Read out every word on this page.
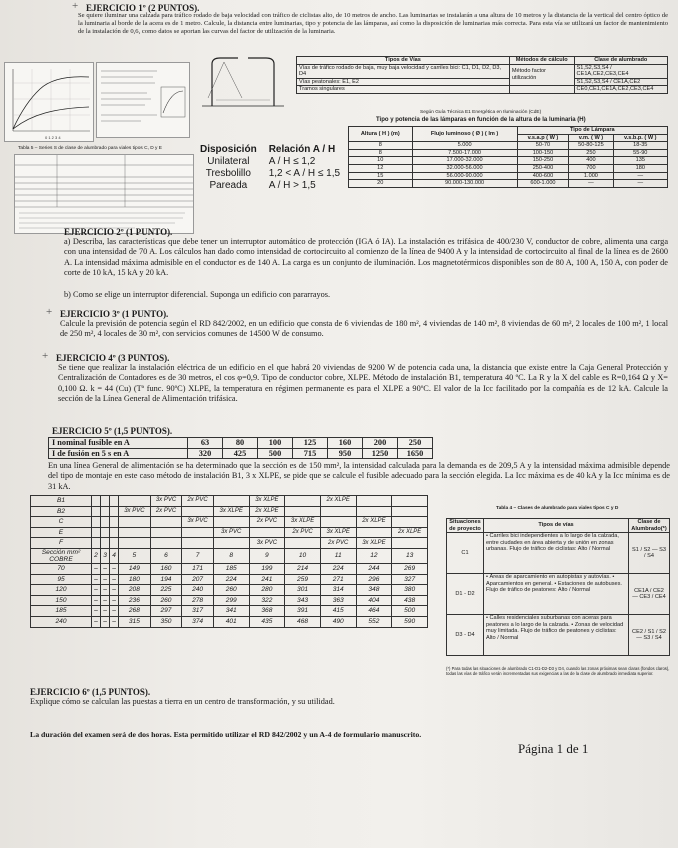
+ EJERCICIO 1º (2 PUNTOS).
Se quiere iluminar una calzada para tráfico rodado de baja velocidad con tráfico de ciclistas alto, de 10 metros de ancho. Las luminarias se instalarán a una altura de 10 metros y la distancia de la vertical del centro óptico de la luminaria al borde de la acera es de 1 metro. Calcule, la distancia entre luminarias, tipo y potencia de las lámparas, así como la disposición de luminarias más correcta. Para esta vía se utilizará un factor de mantenimiento de la instalación de 0,6, como datos se aportan las curvas del factor de utilización de la luminaria.
0 1 2 3 4
Tipos de Vías	Métodos de cálculo	Clase de alumbrado
Vías de tráfico rodado de baja, muy baja velocidad y carriles bici: C1, D1, D2, D3, D4	Método factor utilización	S1,S2,S3,S4 / CE1A,CE2,CE3,CE4
Vías peatonales: E1, E2		S1,S2,S3,S4 / CE1A,CE2
Tramos singulares		CE0,CE1,CE1A,CE2,CE3,CE4
Tabla 5 – Series S de clase de alumbrado para viales tipos C, D y E	Disposición	Relación A / H
Unilateral	A / H ≤ 1,2
Tresbolillo	1,2 < A / H ≤ 1,5
Pareada	A / H > 1,5
Según Guía Técnica E1 Energética en Iluminación (CdE)
Tipo y potencia de las lámparas en función de la altura de la luminaria (H)
Altura ( H ) (m)	Flujo luminoso ( Ø ) ( lm )	Tipo de Lámpara		
		v.s.a.p ( W )	v.m. ( W )	v.s.b.p. ( W )
8	5.000	50-70	50-80-125	18-35
8	7.500-17.000	100-150	250	55-90
10	17.000-32.000	150-250	400	135
12	32.000-56.000	250-400	700	180
15	56.000-90.000	400-600	1.000	—
20	90.000-130.000	600-1.000	—	—
EJERCICIO 2º (1 PUNTO).
a) Describa, las características que debe tener un interruptor automático de protección (IGA ó IA). La instalación es trifásica de 400/230 V, conductor de cobre, alimenta una carga con una intensidad de 70 A. Los cálculos han dado como intensidad de cortocircuito al comienzo de la línea de 9400 A y la intensidad de cortocircuito al final de la línea es de 2600 A. La intensidad máxima admisible en el conductor es de 140 A. La carga es un conjunto de iluminación. Los magnetotérmicos disponibles son de 80 A, 100 A, 150 A, con poder de corte de 10 kA, 15 kA y 20 kA.
b) Como se elige un interruptor diferencial. Suponga un edificio con pararrayos.
+ EJERCICIO 3º (1 PUNTO).
Calcule la previsión de potencia según el RD 842/2002, en un edificio que consta de 6 viviendas de 180 m², 4 viviendas de 140 m², 8 viviendas de 60 m², 2 locales de 100 m², 1 local de 250 m², 4 locales de 30 m², con servicios comunes de 14500 W de consumo.
+ EJERCICIO 4º (3 PUNTOS).
Se tiene que realizar la instalación eléctrica de un edificio en el que habrá 20 viviendas de 9200 W de potencia cada una, la distancia que existe entre la Caja General Protección y Centralización de Contadores es de 30 metros, el cos φ=0,9. Tipo de conductor cobre, XLPE. Método de instalación B1, temperatura 40 ºC. La R y la X del cable es R=0,164 Ω y X= 0,100 Ω. k = 44 (Cu) (Tª func. 90ºC) XLPE, la temperatura en régimen permanente es para el XLPE a 90ºC. El valor de la Icc facilitado por la compañía es de 12 kA. Calcule la sección de la Línea General de Alimentación trifásica.
EJERCICIO 5º (1,5 PUNTOS).
I nominal fusible en A	63	80	100	125	160	200	250
I de fusión en 5 s en A	320	425	500	715	950	1250	1650
En una línea General de alimentación se ha determinado que la sección es de 150 mm², la intensidad calculada para la demanda es de 209,5 A y la intensidad máxima admisible depende del tipo de montaje en este caso método de instalación B1, 3 x XLPE, se pide que se calcule el fusible adecuado para la sección elegida. La Icc máxima es de 40 kA y la Icc mínima es de 31 kA.
B1					3x PVC	2x PVC		3x XLPE		2x XLPE		
B2				3x PVC	2x PVC		3x XLPE	2x XLPE				
C						3x PVC		2x PVC	3x XLPE		2x XLPE	
E							3x PVC		2x PVC	3x XLPE		2x XLPE
F								3x PVC		2x PVC	3x XLPE	
Sección mm²
COBRE	2	3	4	5	6	7	8	9	10	11	12	13
70	–	–	–	149	160	171	185	199	214	224	244	269
95	–	–	–	180	194	207	224	241	259	271	296	327
120	–	–	–	208	225	240	260	280	301	314	348	380
150	–	–	–	236	260	278	299	322	343	363	404	438
185	–	–	–	268	297	317	341	368	391	415	464	500
240	–	–	–	315	350	374	401	435	468	490	552	590
Tabla 4 – Clases de alumbrado para viales tipos C y D
Situaciones de proyecto	Tipos de vías	Clase de Alumbrado(*)
C1	• Carriles bici independientes a lo largo de la calzada, entre ciudades en área abierta y de unión en zonas urbanas. Flujo de tráfico de ciclistas: Alto / Normal	S1 / S2 — S3 / S4
D1 - D2	• Áreas de aparcamiento en autopistas y autovías. • Aparcamientos en general. • Estaciones de autobuses. Flujo de tráfico de peatones: Alto / Normal	CE1A / CE2 — CE3 / CE4
D3 - D4	• Calles residenciales suburbanas con aceras para peatones a lo largo de la calzada. • Zonas de velocidad muy limitada. Flujo de tráfico de peatones y ciclistas: Alto / Normal	CE2 / S1 / S2 — S3 / S4
(*) Para todas las situaciones de alumbrado C1-D1-D2-D3 y D4, cuando las zonas próximas sean claras (fondos claros), todas las vías de tráfico verán incrementadas sus exigencias a las de la clase de alumbrado inmediata superior.
EJERCICIO 6º (1,5 PUNTOS).
Explique cómo se calculan las puestas a tierra en un centro de transformación, y su utilidad.
La duración del examen será de dos horas. Esta permitido utilizar el RD 842/2002 y un A-4 de formulario manuscrito.
Página 1 de 1
